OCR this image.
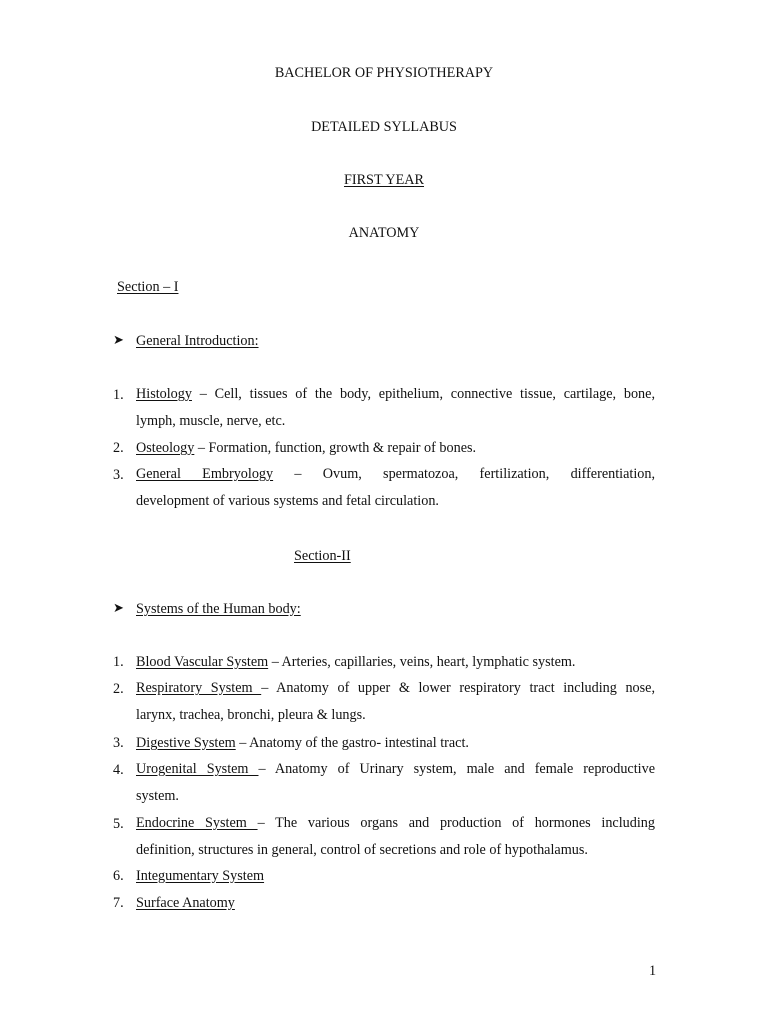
BACHELOR OF PHYSIOTHERAPY
DETAILED SYLLABUS
FIRST YEAR
ANATOMY
Section – I
➤ General Introduction:
1. Histology – Cell, tissues of the body, epithelium, connective tissue, cartilage, bone,
lymph, muscle, nerve, etc.
2. Osteology – Formation, function, growth & repair of bones.
3. General Embryology – Ovum, spermatozoa, fertilization, differentiation,
development of various systems and fetal circulation.
Section-II
➤ Systems of the Human body:
1. Blood Vascular System – Arteries, capillaries, veins, heart, lymphatic system.
2. Respiratory System – Anatomy of upper & lower respiratory tract including nose,
larynx, trachea, bronchi, pleura & lungs.
3. Digestive System – Anatomy of the gastro- intestinal tract.
4. Urogenital System – Anatomy of Urinary system, male and female reproductive
system.
5. Endocrine System – The various organs and production of hormones including
definition, structures in general, control of secretions and role of hypothalamus.
6. Integumentary System
7. Surface Anatomy
1
